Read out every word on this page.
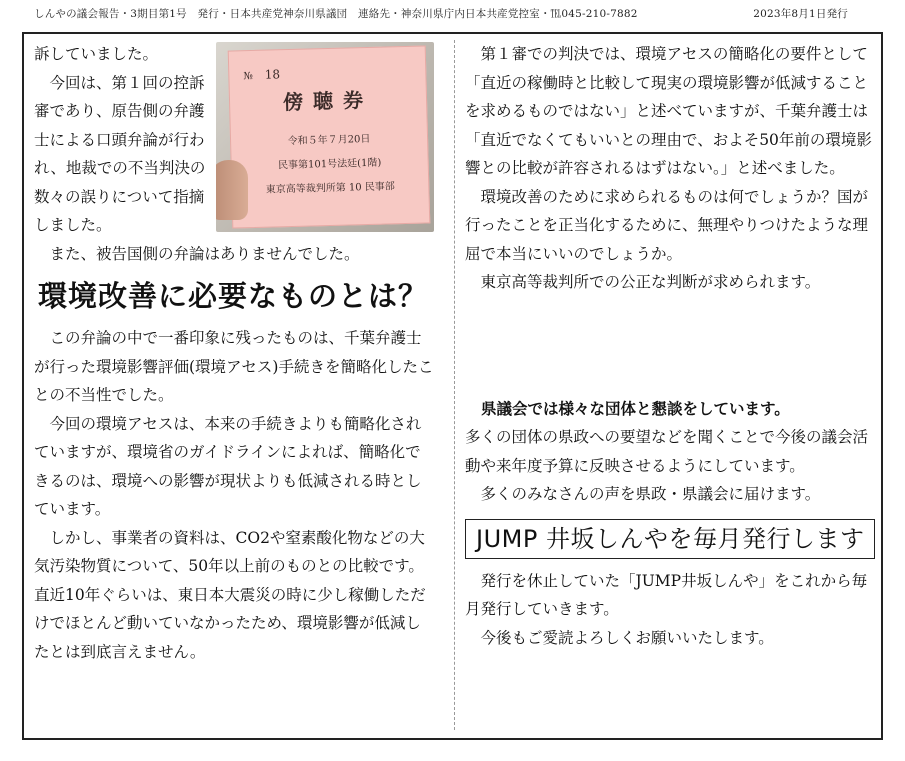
しんやの議会報告・3期目第1号　発行・日本共産党神奈川県議団　連絡先・神奈川県庁内日本共産党控室・℡045-210-7882	2023年8月1日発行
№ 18
傍聴券
令和５年７月20日
民事第101号法廷(1階)
東京高等裁判所第 10 民事部

訴していました。

今回は、第１回の控訴審であり、原告側の弁護士による口頭弁論が行われ、地裁での不当判決の数々の誤りについて指摘しました。

また、被告国側の弁論はありませんでした。

環境改善に必要なものとは？

この弁論の中で一番印象に残ったものは、千葉弁護士が行った環境影響評価(環境アセス)手続きを簡略化したことの不当性でした。

今回の環境アセスは、本来の手続きよりも簡略化されていますが、環境省のガイドラインによれば、簡略化できるのは、環境への影響が現状よりも低減される時としています。

しかし、事業者の資料は、CO2や窒素酸化物などの大気汚染物質について、50年以上前のものとの比較です。直近10年ぐらいは、東日本大震災の時に少し稼働しただけでほとんど動いていなかったため、環境影響が低減したとは到底言えません。

第１審での判決では、環境アセスの簡略化の要件として「直近の稼働時と比較して現実の環境影響が低減することを求めるものではない」と述べていますが、千葉弁護士は「直近でなくてもいいとの理由で、およそ50年前の環境影響との比較が許容されるはずはない。」と述べました。

環境改善のために求められるものは何でしょうか？国が行ったことを正当化するために、無理やりつけたような理屈で本当にいいのでしょうか。

東京高等裁判所での公正な判断が求められます。

県議会では様々な団体と懇談をしています。

多くの団体の県政への要望などを聞くことで今後の議会活動や来年度予算に反映させるようにしています。

多くのみなさんの声を県政・県議会に届けます。

JUMP 井坂しんやを毎月発行します

発行を休止していた「JUMP井坂しんや」をこれから毎月発行していきます。

今後もご愛読よろしくお願いいたします。
